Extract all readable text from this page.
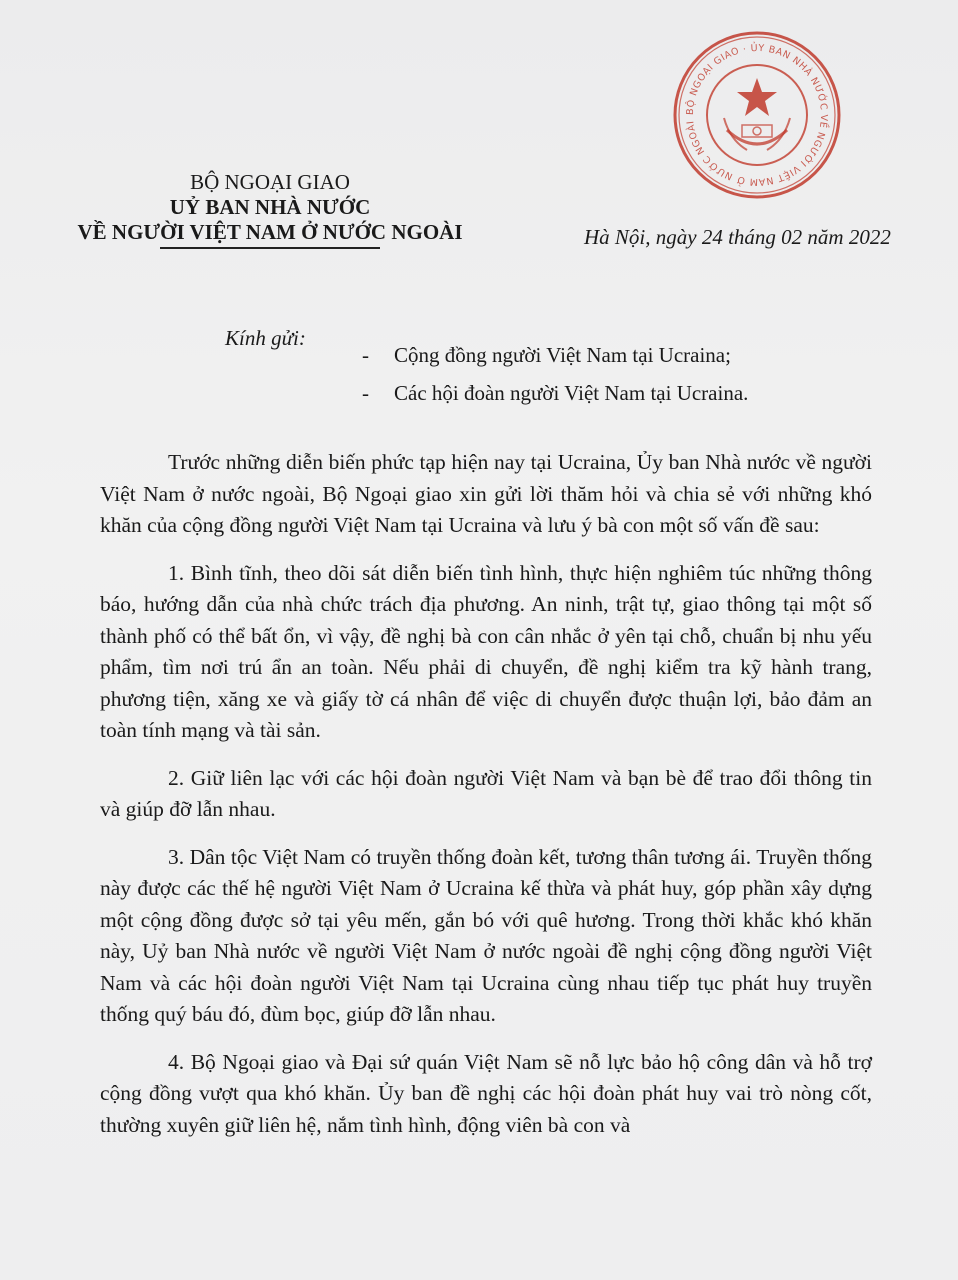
BỘ NGOẠI GIAO · ỦY BAN NHÀ NƯỚC VỀ NGƯỜI VIỆT NAM Ở NƯỚC NGOÀI
BỘ NGOẠI GIAO
UỶ BAN NHÀ NƯỚC
VỀ NGƯỜI VIỆT NAM Ở NƯỚC NGOÀI	Hà Nội, ngày 24 tháng 02 năm 2022
Kính gửi:
- Cộng đồng người Việt Nam tại Ucraina;
- Các hội đoàn người Việt Nam tại Ucraina.

Trước những diễn biến phức tạp hiện nay tại Ucraina, Ủy ban Nhà nước về người Việt Nam ở nước ngoài, Bộ Ngoại giao xin gửi lời thăm hỏi và chia sẻ với những khó khăn của cộng đồng người Việt Nam tại Ucraina và lưu ý bà con một số vấn đề sau:

1. Bình tĩnh, theo dõi sát diễn biến tình hình, thực hiện nghiêm túc những thông báo, hướng dẫn của nhà chức trách địa phương. An ninh, trật tự, giao thông tại một số thành phố có thể bất ổn, vì vậy, đề nghị bà con cân nhắc ở yên tại chỗ, chuẩn bị nhu yếu phẩm, tìm nơi trú ẩn an toàn. Nếu phải di chuyển, đề nghị kiểm tra kỹ hành trang, phương tiện, xăng xe và giấy tờ cá nhân để việc di chuyển được thuận lợi, bảo đảm an toàn tính mạng và tài sản.

2. Giữ liên lạc với các hội đoàn người Việt Nam và bạn bè để trao đổi thông tin và giúp đỡ lẫn nhau.

3. Dân tộc Việt Nam có truyền thống đoàn kết, tương thân tương ái. Truyền thống này được các thế hệ người Việt Nam ở Ucraina kế thừa và phát huy, góp phần xây dựng một cộng đồng được sở tại yêu mến, gắn bó với quê hương. Trong thời khắc khó khăn này, Uỷ ban Nhà nước về người Việt Nam ở nước ngoài đề nghị cộng đồng người Việt Nam và các hội đoàn người Việt Nam tại Ucraina cùng nhau tiếp tục phát huy truyền thống quý báu đó, đùm bọc, giúp đỡ lẫn nhau.

4. Bộ Ngoại giao và Đại sứ quán Việt Nam sẽ nỗ lực bảo hộ công dân và hỗ trợ cộng đồng vượt qua khó khăn. Ủy ban đề nghị các hội đoàn phát huy vai trò nòng cốt, thường xuyên giữ liên hệ, nắm tình hình, động viên bà con và
